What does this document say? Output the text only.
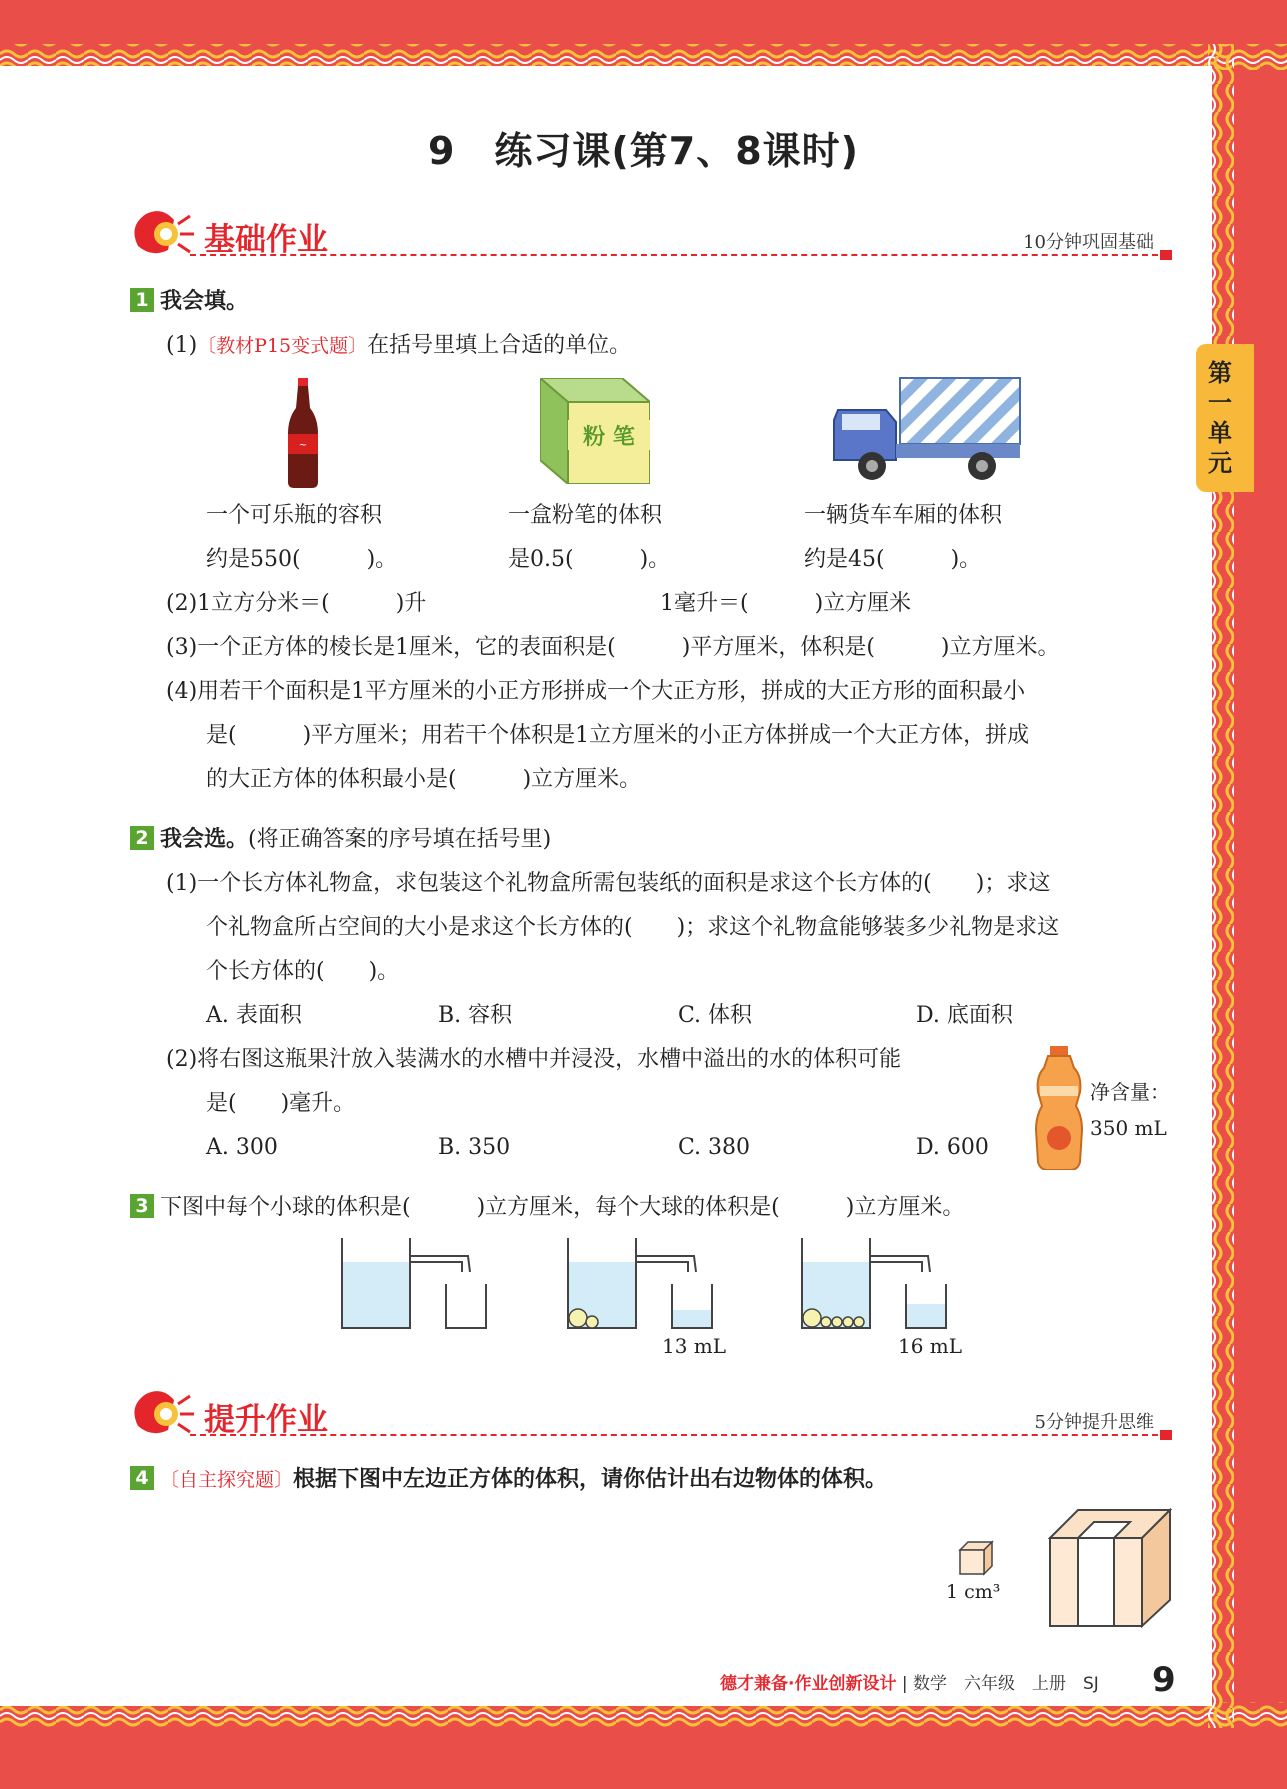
9　练习课(第7、8课时)
第
一
单
元
基础作业	10分钟巩固基础
1 我会填。
(1)〔教材P15变式题〕在括号里填上合适的单位。
~	粉 笔
一个可乐瓶的容积
约是550(　　　)。
一盒粉笔的体积
是0.5(　　　)。
一辆货车车厢的体积
约是45(　　　)。
(2)1立方分米＝(　　　)升	1毫升＝(　　　)立方厘米
(3)一个正方体的棱长是1厘米，它的表面积是(　　　)平方厘米，体积是(　　　)立方厘米。
(4)用若干个面积是1平方厘米的小正方形拼成一个大正方形，拼成的大正方形的面积最小
是(　　　)平方厘米；用若干个体积是1立方厘米的小正方体拼成一个大正方体，拼成
的大正方体的体积最小是(　　　)立方厘米。
2 我会选。(将正确答案的序号填在括号里)
(1)一个长方体礼物盒，求包装这个礼物盒所需包装纸的面积是求这个长方体的(　　)；求这
个礼物盒所占空间的大小是求这个长方体的(　　)；求这个礼物盒能够装多少礼物是求这
个长方体的(　　)。
A. 表面积	B. 容积	C. 体积	D. 底面积
(2)将右图这瓶果汁放入装满水的水槽中并浸没，水槽中溢出的水的体积可能
是(　　)毫升。
A. 300	B. 350	C. 380	D. 600
净含量：
350 mL
3 下图中每个小球的体积是(　　　)立方厘米，每个大球的体积是(　　　)立方厘米。
13 mL	16 mL
提升作业	5分钟提升思维
4 〔自主探究题〕根据下图中左边正方体的体积，请你估计出右边物体的体积。
1 cm³
德才兼备·作业创新设计 | 数学　六年级　上册　SJ 9
